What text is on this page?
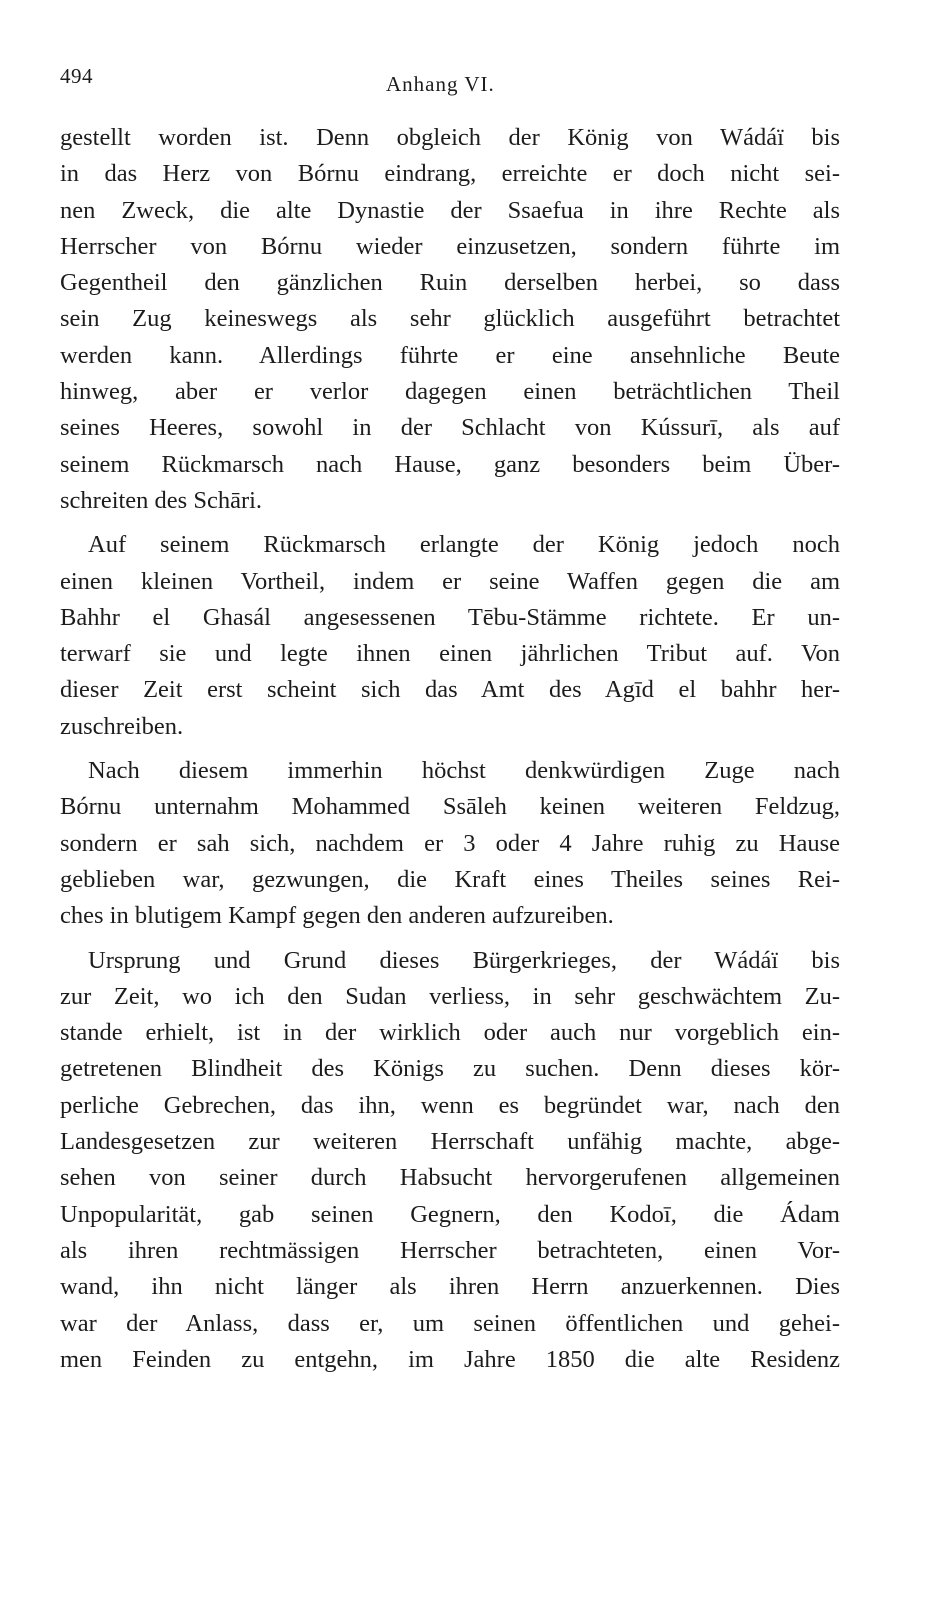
494	Anhang VI.
gestellt worden ist. Denn obgleich der König von Wádáï bis
in das Herz von Bórnu eindrang, erreichte er doch nicht sei-
nen Zweck, die alte Dynastie der Ssaefua in ihre Rechte als
Herrscher von Bórnu wieder einzusetzen, sondern führte im
Gegentheil den gänzlichen Ruin derselben herbei, so dass
sein Zug keineswegs als sehr glücklich ausgeführt betrachtet
werden kann. Allerdings führte er eine ansehnliche Beute
hinweg, aber er verlor dagegen einen beträchtlichen Theil
seines Heeres, sowohl in der Schlacht von Kússurī, als auf
seinem Rückmarsch nach Hause, ganz besonders beim Über-
schreiten des Schāri.
Auf seinem Rückmarsch erlangte der König jedoch noch
einen kleinen Vortheil, indem er seine Waffen gegen die am
Bahhr el Ghasál angesessenen Tēbu-Stämme richtete. Er un-
terwarf sie und legte ihnen einen jährlichen Tribut auf. Von
dieser Zeit erst scheint sich das Amt des Agīd el bahhr her-
zuschreiben.
Nach diesem immerhin höchst denkwürdigen Zuge nach
Bórnu unternahm Mohammed Ssāleh keinen weiteren Feldzug,
sondern er sah sich, nachdem er 3 oder 4 Jahre ruhig zu Hause
geblieben war, gezwungen, die Kraft eines Theiles seines Rei-
ches in blutigem Kampf gegen den anderen aufzureiben.
Ursprung und Grund dieses Bürgerkrieges, der Wádáï bis
zur Zeit, wo ich den Sudan verliess, in sehr geschwächtem Zu-
stande erhielt, ist in der wirklich oder auch nur vorgeblich ein-
getretenen Blindheit des Königs zu suchen. Denn dieses kör-
perliche Gebrechen, das ihn, wenn es begründet war, nach den
Landesgesetzen zur weiteren Herrschaft unfähig machte, abge-
sehen von seiner durch Habsucht hervorgerufenen allgemeinen
Unpopularität, gab seinen Gegnern, den Kodoī, die Ádam
als ihren rechtmässigen Herrscher betrachteten, einen Vor-
wand, ihn nicht länger als ihren Herrn anzuerkennen. Dies
war der Anlass, dass er, um seinen öffentlichen und gehei-
men Feinden zu entgehn, im Jahre 1850 die alte Residenz
